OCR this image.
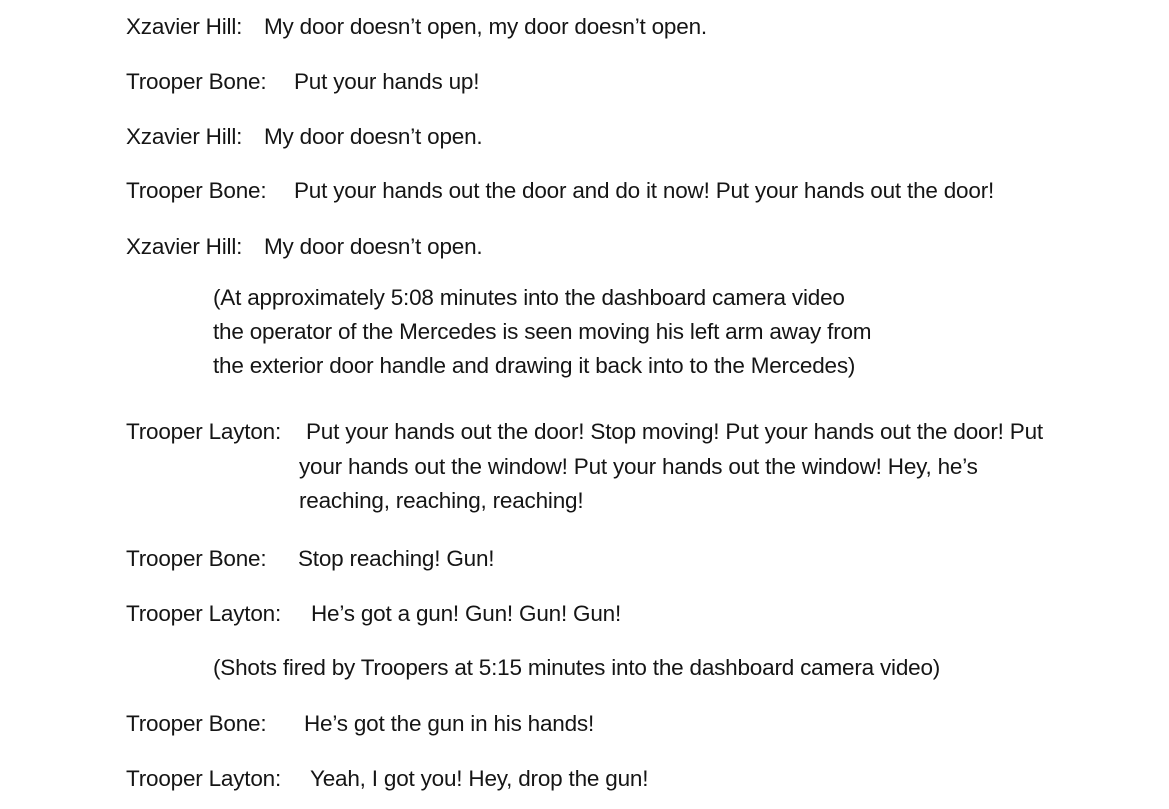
Xzavier Hill: My door doesn’t open, my door doesn’t open.
Trooper Bone: Put your hands up!
Xzavier Hill: My door doesn’t open.
Trooper Bone: Put your hands out the door and do it now! Put your hands out the door!
Xzavier Hill: My door doesn’t open.
(At approximately 5:08 minutes into the dashboard camera video
the operator of the Mercedes is seen moving his left arm away from
the exterior door handle and drawing it back into to the Mercedes)
Trooper Layton: Put your hands out the door! Stop moving! Put your hands out the door! Put
your hands out the window! Put your hands out the window! Hey, he’s
reaching, reaching, reaching!
Trooper Bone: Stop reaching! Gun!
Trooper Layton: He’s got a gun! Gun! Gun! Gun!
(Shots fired by Troopers at 5:15 minutes into the dashboard camera video)
Trooper Bone: He’s got the gun in his hands!
Trooper Layton: Yeah, I got you! Hey, drop the gun!
